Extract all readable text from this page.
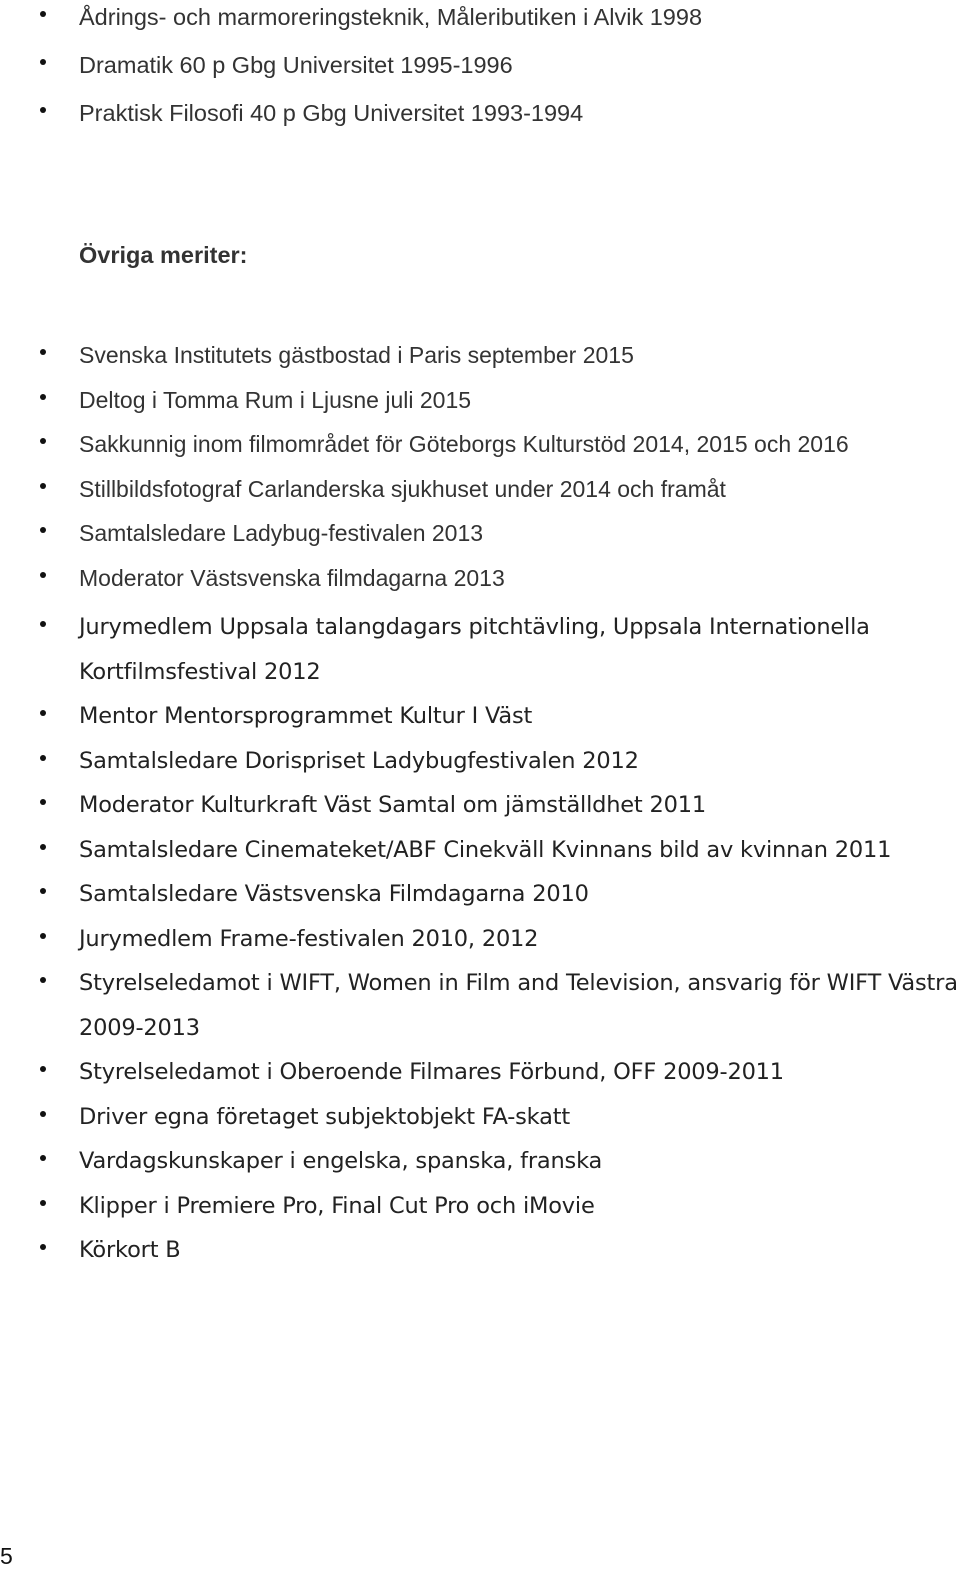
Ådrings- och marmoreringsteknik, Måleributiken i Alvik 1998
Dramatik 60 p Gbg Universitet 1995-1996
Praktisk Filosofi 40 p Gbg Universitet 1993-1994
Övriga meriter:
Svenska Institutets gästbostad i Paris september 2015
Deltog i Tomma Rum i Ljusne juli 2015
Sakkunnig inom filmområdet för Göteborgs Kulturstöd 2014, 2015 och 2016
Stillbildsfotograf Carlanderska sjukhuset under 2014 och framåt
Samtalsledare Ladybug-festivalen 2013
Moderator Västsvenska filmdagarna 2013
Jurymedlem Uppsala talangdagars pitchtävling, Uppsala Internationella Kortfilmsfestival 2012
Mentor Mentorsprogrammet Kultur I Väst
Samtalsledare Dorispriset Ladybugfestivalen 2012
Moderator Kulturkraft Väst Samtal om jämställdhet 2011
Samtalsledare Cinemateket/ABF Cinekväll Kvinnans bild av kvinnan 2011
Samtalsledare Västsvenska Filmdagarna 2010
Jurymedlem Frame-festivalen 2010, 2012
Styrelseledamot i WIFT, Women in Film and Television, ansvarig för WIFT Västra 2009-2013
Styrelseledamot i Oberoende Filmares Förbund, OFF 2009-2011
Driver egna företaget subjektobjekt FA-skatt
Vardagskunskaper i engelska, spanska, franska
Klipper i Premiere Pro, Final Cut Pro och iMovie
Körkort B
5
